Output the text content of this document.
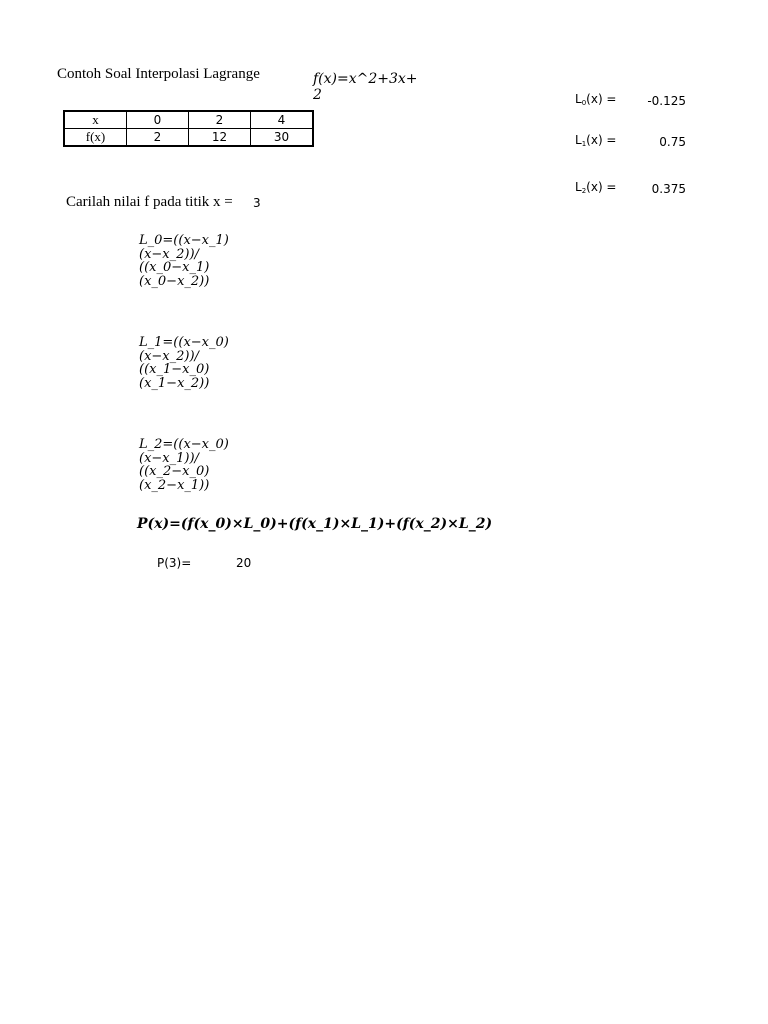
Contoh Soal Interpolasi Lagrange	𝑓(𝑥)=𝑥^2+3𝑥+
2
x	0	2	4
f(x)	2	12	30
$L_0(x)$ =	-0.125
$L_1(x)$ =	0.75
$L_2(x)$ =	0.375
Carilah nilai f pada titik x = 3
𝐿_0=((𝑥−𝑥_1)
(𝑥−𝑥_2))/
((𝑥_0−𝑥_1)
(𝑥_0−𝑥_2))
𝐿_1=((𝑥−𝑥_0)
(𝑥−𝑥_2))/
((𝑥_1−𝑥_0)
(𝑥_1−𝑥_2))
𝐿_2=((𝑥−𝑥_0)
(𝑥−𝑥_1))/
((𝑥_2−𝑥_0)
(𝑥_2−𝑥_1))
P(x)=(f(x_0)×L_0)+(f(x_1)×L_1)+(f(x_2)×L_2)
P(3)=	20
